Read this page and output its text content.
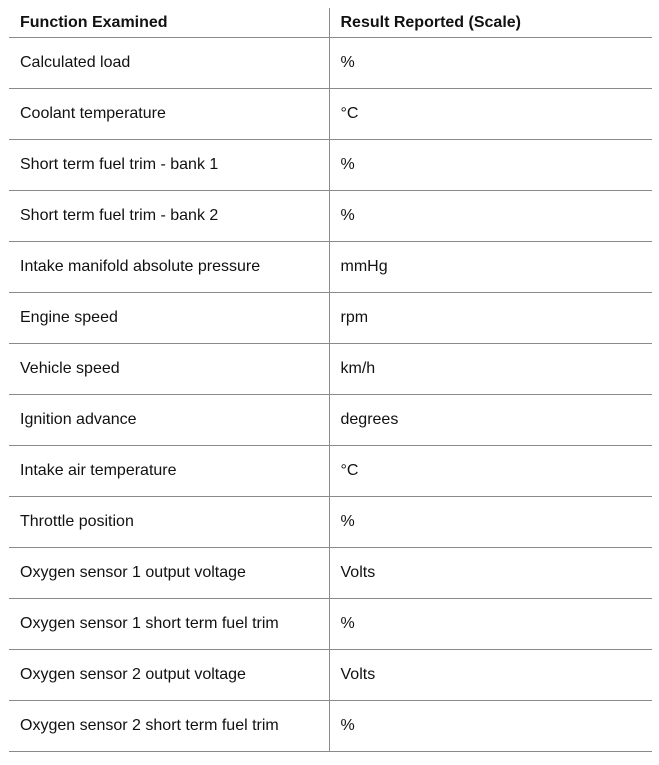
Function Examined	Result Reported (Scale)
Calculated load	%
Coolant temperature	°C
Short term fuel trim - bank 1	%
Short term fuel trim - bank 2	%
Intake manifold absolute pressure	mmHg
Engine speed	rpm
Vehicle speed	km/h
Ignition advance	degrees
Intake air temperature	°C
Throttle position	%
Oxygen sensor 1 output voltage	Volts
Oxygen sensor 1 short term fuel trim	%
Oxygen sensor 2 output voltage	Volts
Oxygen sensor 2 short term fuel trim	%
